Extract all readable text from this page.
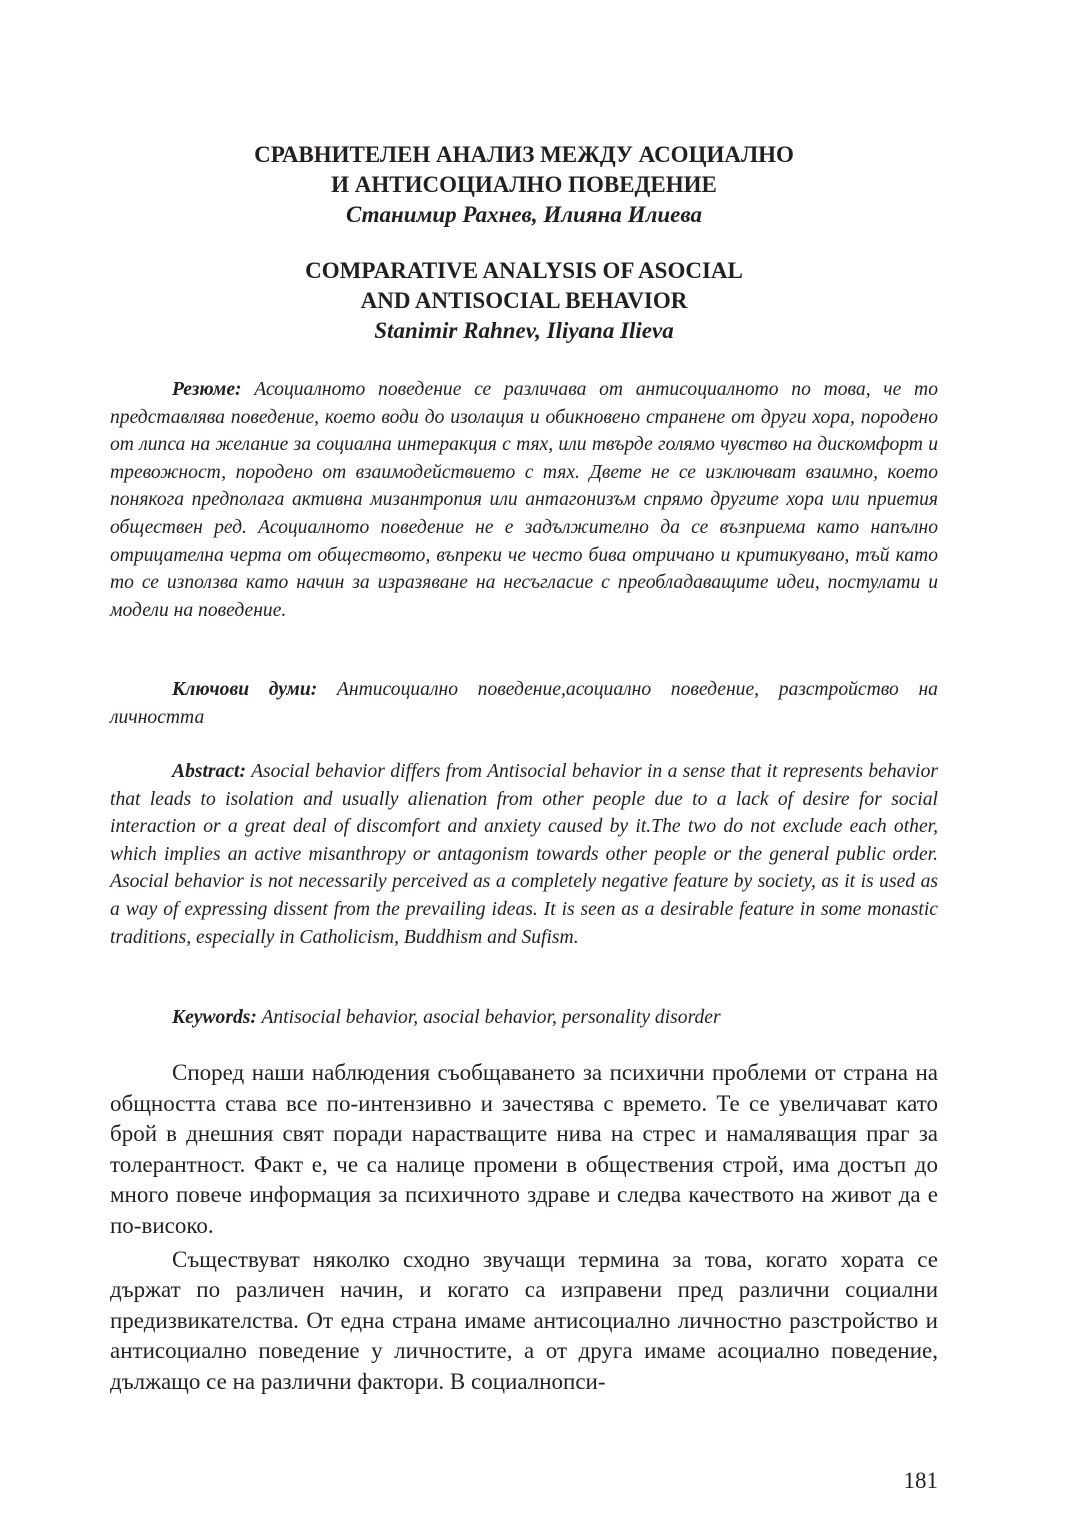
СРАВНИТЕЛЕН АНАЛИЗ МЕЖДУ АСОЦИАЛНО
И АНТИСОЦИАЛНО ПОВЕДЕНИЕ
Станимир Рахнев, Илияна Илиева
COMPARATIVE ANALYSIS OF ASOCIAL
AND ANTISOCIAL BEHAVIOR
Stanimir Rahnev, Iliyana Ilieva

Резюме: Асоциалното поведение се различава от антисоциалното по това, че то представлява поведение, което води до изолация и обикновено странене от други хора, породено от липса на желание за социална интеракция с тях, или твърде голямо чувство на дискомфорт и тревожност, породено от взаимодействието с тях. Двете не се изключват взаимно, което понякога предполага активна мизантропия или антагонизъм спрямо другите хора или приетия обществен ред. Асоциалното поведение не е задължително да се възприема като напълно отрицателна черта от обществото, въпреки че често бива отричано и критикувано, тъй като то се използва като начин за изразяване на несъгласие с преобладаващите идеи, постулати и модели на поведение.

Ключови думи: Антисоциално поведение,асоциално поведение, разстройство на личността

Abstract: Asocial behavior differs from Antisocial behavior in a sense that it represents behavior that leads to isolation and usually alienation from other people due to a lack of desire for social interaction or a great deal of discomfort and anxiety caused by it.The two do not exclude each other, which implies an active misanthropy or antagonism towards other people or the general public order. Asocial behavior is not necessarily perceived as a completely negative feature by society, as it is used as a way of expressing dissent from the prevailing ideas. It is seen as a desirable feature in some monastic traditions, especially in Catholicism, Buddhism and Sufism.

Keywords: Antisocial behavior, asocial behavior, personality disorder

Според наши наблюдения съобщаването за психични проблеми от страна на общността става все по-интензивно и зачестява с времето. Те се увеличават като брой в днешния свят поради нарастващите нива на стрес и намаляващия праг за толерантност. Факт е, че са налице промени в обществения строй, има достъп до много повече информация за психичното здраве и следва качеството на живот да е по-високо.

Съществуват няколко сходно звучащи термина за това, когато хората се държат по различен начин, и когато са изправени пред различни социални предизвикателства. От една страна имаме антисоциално личностно разстройство и антисоциално поведение у личностите, а от друга имаме асоциално поведение, дължащо се на различни фактори. В социалнопси-

181
